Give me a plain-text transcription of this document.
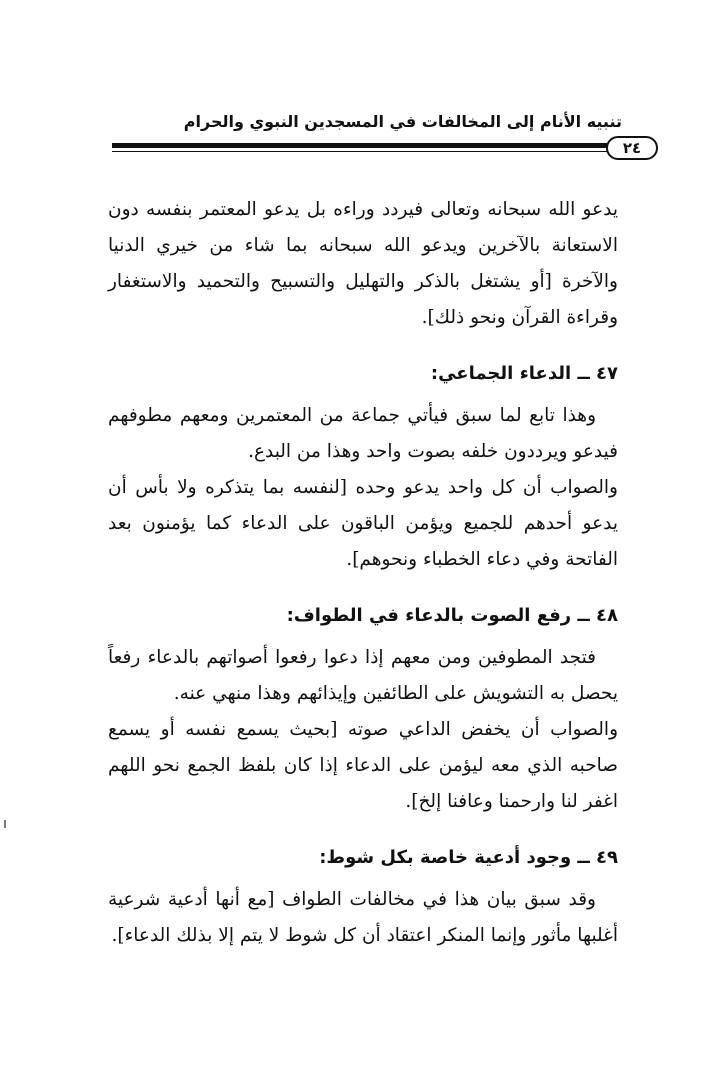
تنبيه الأنام إلى المخالفات في المسجدين النبوي والحرام
٢٤

يدعو الله سبحانه وتعالى فيردد وراءه بل يدعو المعتمر بنفسه دون الاستعانة بالآخرين ويدعو الله سبحانه بما شاء من خيري الدنيا والآخرة [أو يشتغل بالذكر والتهليل والتسبيح والتحميد والاستغفار وقراءة القرآن ونحو ذلك].

٤٧ ــ الدعاء الجماعي:

وهذا تابع لما سبق فيأتي جماعة من المعتمرين ومعهم مطوفهم فيدعو ويرددون خلفه بصوت واحد وهذا من البدع.

والصواب أن كل واحد يدعو وحده [لنفسه بما يتذكره ولا بأس أن يدعو أحدهم للجميع ويؤمن الباقون على الدعاء كما يؤمنون بعد الفاتحة وفي دعاء الخطباء ونحوهم].

٤٨ ــ رفع الصوت بالدعاء في الطواف:

فتجد المطوفين ومن معهم إذا دعوا رفعوا أصواتهم بالدعاء رفعاً يحصل به التشويش على الطائفين وإيذائهم وهذا منهي عنه.

والصواب أن يخفض الداعي صوته [بحيث يسمع نفسه أو يسمع صاحبه الذي معه ليؤمن على الدعاء إذا كان بلفظ الجمع نحو اللهم اغفر لنا وارحمنا وعافنا إلخ].

٤٩ ــ وجود أدعية خاصة بكل شوط:

وقد سبق بيان هذا في مخالفات الطواف [مع أنها أدعية شرعية أغلبها مأثور وإنما المنكر اعتقاد أن كل شوط لا يتم إلا بذلك الدعاء].
